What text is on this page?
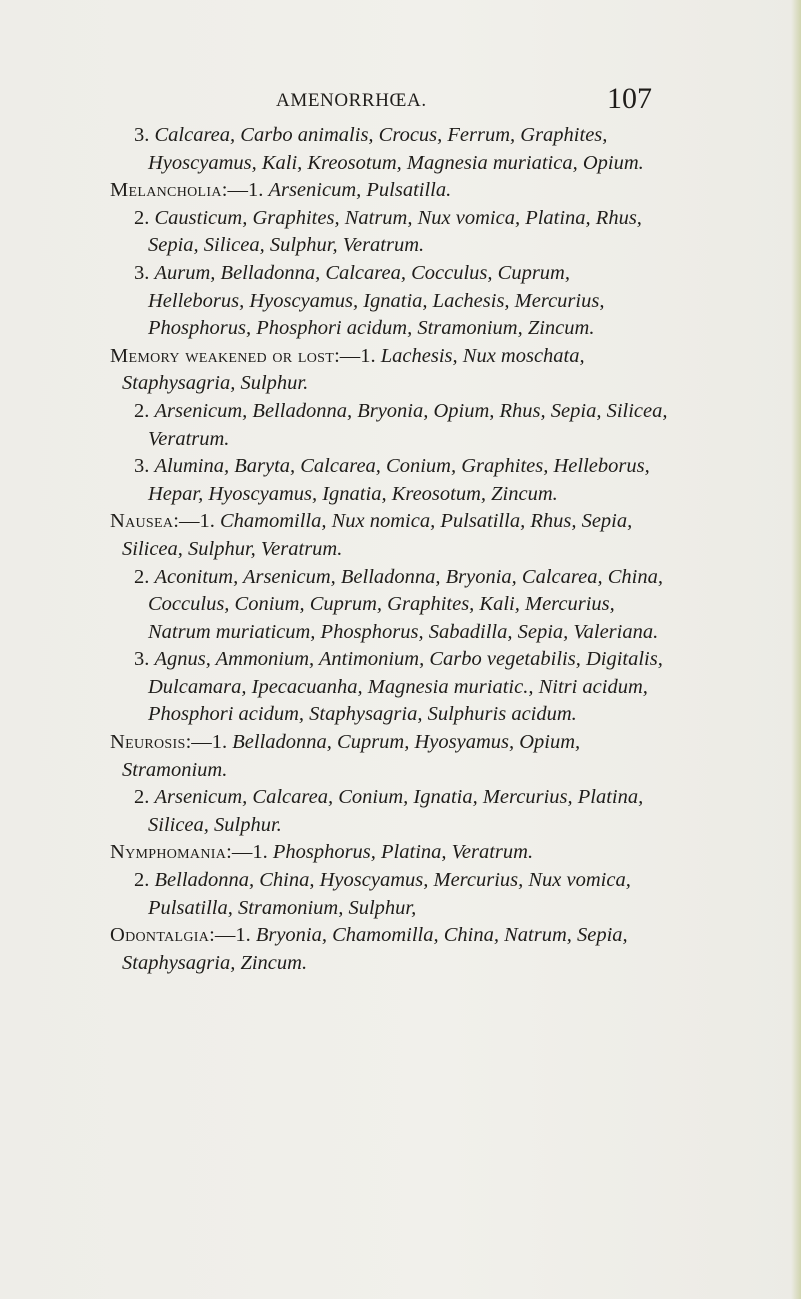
AMENORRHŒA.	107
3. Calcarea, Carbo animalis, Crocus, Ferrum, Graphites, Hyoscyamus, Kali, Kreosotum, Magnesia muriatica, Opium.
Melancholia:—1. Arsenicum, Pulsatilla.
2. Causticum, Graphites, Natrum, Nux vomica, Platina, Rhus, Sepia, Silicea, Sulphur, Veratrum.
3. Aurum, Belladonna, Calcarea, Cocculus, Cuprum, Helleborus, Hyoscyamus, Ignatia, Lachesis, Mercurius, Phosphorus, Phosphori acidum, Stramonium, Zincum.
Memory weakened or lost:—1. Lachesis, Nux moschata, Staphysagria, Sulphur.
2. Arsenicum, Belladonna, Bryonia, Opium, Rhus, Sepia, Silicea, Veratrum.
3. Alumina, Baryta, Calcarea, Conium, Graphites, Helleborus, Hepar, Hyoscyamus, Ignatia, Kreosotum, Zincum.
Nausea:—1. Chamomilla, Nux nomica, Pulsatilla, Rhus, Sepia, Silicea, Sulphur, Veratrum.
2. Aconitum, Arsenicum, Belladonna, Bryonia, Calcarea, China, Cocculus, Conium, Cuprum, Graphites, Kali, Mercurius, Natrum muriaticum, Phosphorus, Sabadilla, Sepia, Valeriana.
3. Agnus, Ammonium, Antimonium, Carbo vegetabilis, Digitalis, Dulcamara, Ipecacuanha, Magnesia muriatic., Nitri acidum, Phosphori acidum, Staphysagria, Sulphuris acidum.
Neurosis:—1. Belladonna, Cuprum, Hyosyamus, Opium, Stramonium.
2. Arsenicum, Calcarea, Conium, Ignatia, Mercurius, Platina, Silicea, Sulphur.
Nymphomania:—1. Phosphorus, Platina, Veratrum.
2. Belladonna, China, Hyoscyamus, Mercurius, Nux vomica, Pulsatilla, Stramonium, Sulphur,
Odontalgia:—1. Bryonia, Chamomilla, China, Natrum, Sepia, Staphysagria, Zincum.
